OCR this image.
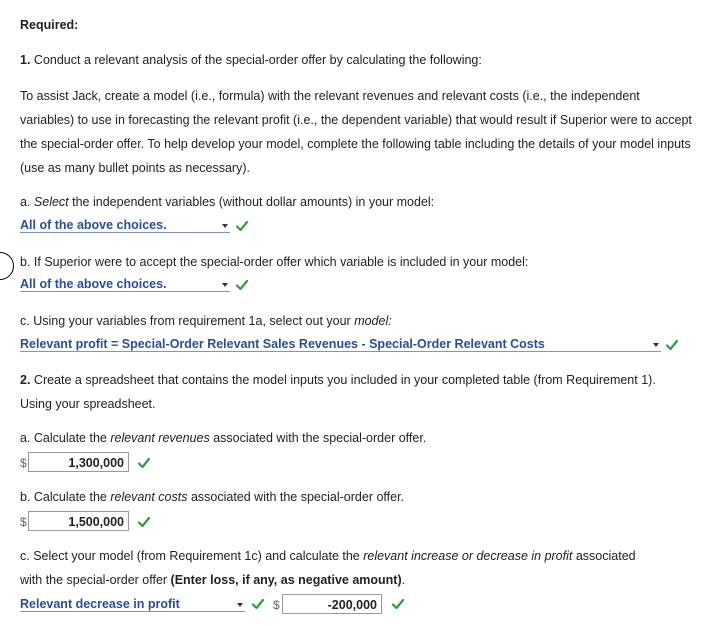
Required:
1. Conduct a relevant analysis of the special-order offer by calculating the following:
To assist Jack, create a model (i.e., formula) with the relevant revenues and relevant costs (i.e., the independent variables) to use in forecasting the relevant profit (i.e., the dependent variable) that would result if Superior were to accept the special-order offer. To help develop your model, complete the following table including the details of your model inputs (use as many bullet points as necessary).
a. Select the independent variables (without dollar amounts) in your model:
All of the above choices.
b. If Superior were to accept the special-order offer which variable is included in your model:
All of the above choices.
c. Using your variables from requirement 1a, select out your model:
Relevant profit = Special-Order Relevant Sales Revenues - Special-Order Relevant Costs
2. Create a spreadsheet that contains the model inputs you included in your completed table (from Requirement 1). Using your spreadsheet.
a. Calculate the relevant revenues associated with the special-order offer.
$	1,300,000
b. Calculate the relevant costs associated with the special-order offer.
$	1,500,000
c. Select your model (from Requirement 1c) and calculate the relevant increase or decrease in profit associated
with the special-order offer (Enter loss, if any, as negative amount).
Relevant decrease in profit	$	-200,000
